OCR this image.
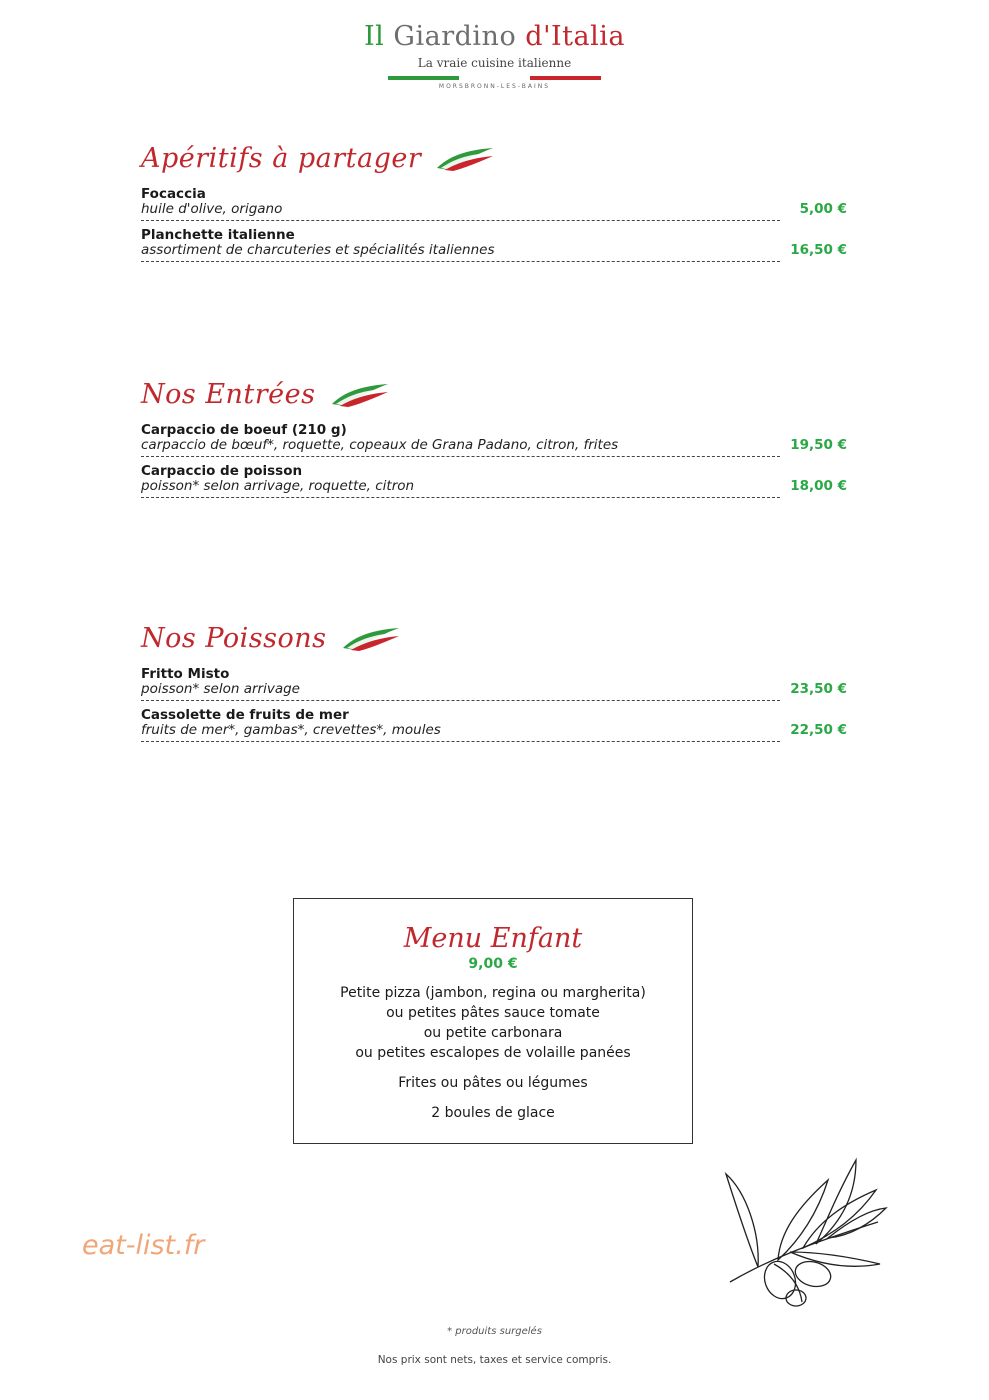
Il Giardino d'Italia
La vraie cuisine italienne
MORSBRONN-LES-BAINS
Apéritifs à partager
Focaccia
huile d'olive, origano	5,00 €
Planchette italienne
assortiment de charcuteries et spécialités italiennes	16,50 €
Nos Entrées
Carpaccio de boeuf (210 g)
carpaccio de bœuf*, roquette, copeaux de Grana Padano, citron, frites	19,50 €
Carpaccio de poisson
poisson* selon arrivage, roquette, citron	18,00 €
Nos Poissons
Fritto Misto
poisson* selon arrivage	23,50 €
Cassolette de fruits de mer
fruits de mer*, gambas*, crevettes*, moules	22,50 €
Menu Enfant
9,00 €
Petite pizza (jambon, regina ou margherita)
ou petites pâtes sauce tomate
ou petite carbonara
ou petites escalopes de volaille panées
Frites ou pâtes ou légumes
2 boules de glace
eat-list.fr
* produits surgelés
Nos prix sont nets, taxes et service compris.
